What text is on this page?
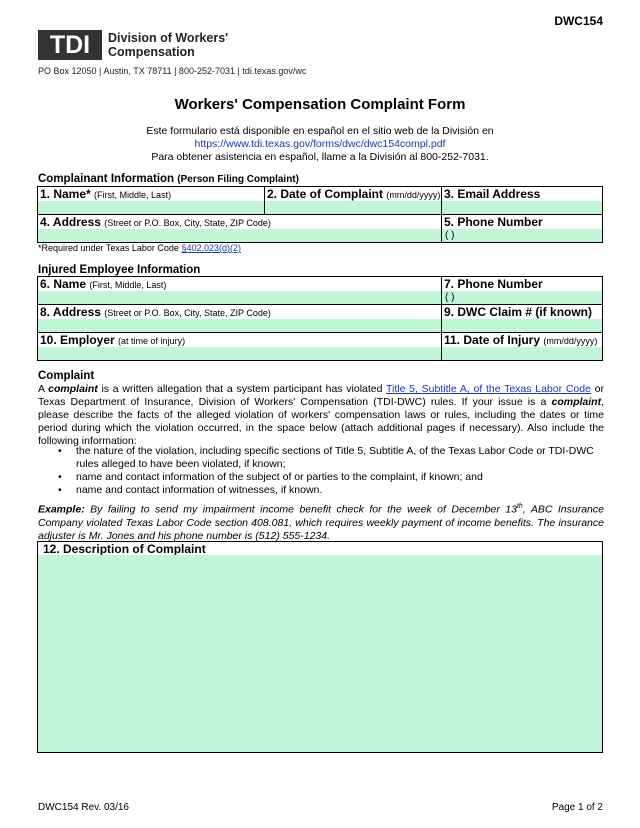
DWC154
TDI	Division of Workers'
Compensation
PO Box 12050 | Austin, TX 78711 | 800-252-7031 | tdi.texas.gov/wc
Workers' Compensation Complaint Form
Este formulario está disponible en español en el sitio web de la División en
https://www.tdi.texas.gov/forms/dwc/dwc154compl.pdf
Para obtener asistencia en español, llame a la División al 800-252-7031.
Complainant Information (Person Filing Complaint)
1. Name* (First, Middle, Last)	2. Date of Complaint (mm/dd/yyyy)	3. Email Address

4. Address (Street or P.O. Box, City, State, ZIP Code)		5. Phone Number
( )
*Required under Texas Labor Code §402.023(d)(2)
Injured Employee Information
6. Name (First, Middle, Last)	7. Phone Number
( )

8. Address (Street or P.O. Box, City, State, ZIP Code)	9. DWC Claim # (if known)

10. Employer (at time of injury)	11. Date of Injury (mm/dd/yyyy)
Complaint
A complaint is a written allegation that a system participant has violated Title 5, Subtitle A, of the Texas Labor Code or Texas Department of Insurance, Division of Workers' Compensation (TDI-DWC) rules. If your issue is a complaint, please describe the facts of the alleged violation of workers' compensation laws or rules, including the dates or time period during which the violation occurred, in the space below (attach additional pages if necessary). Also include the following information:
• the nature of the violation, including specific sections of Title 5, Subtitle A, of the Texas Labor Code or TDI-DWC rules alleged to have been violated, if known;
• name and contact information of the subject of or parties to the complaint, if known; and
• name and contact information of witnesses, if known.
Example: By failing to send my impairment income benefit check for the week of December 13th, ABC Insurance Company violated Texas Labor Code section 408.081, which requires weekly payment of income benefits. The insurance adjuster is Mr. Jones and his phone number is (512) 555-1234.
12. Description of Complaint
DWC154 Rev. 03/16	Page 1 of 2
